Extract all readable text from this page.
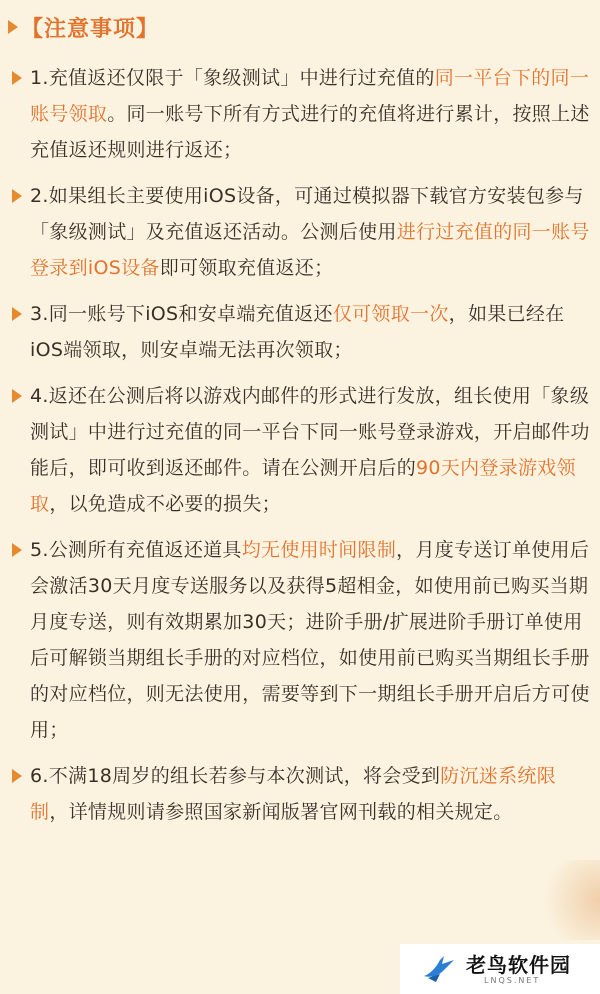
【注意事项】
1.充值返还仅限于「象级测试」中进行过充值的同一平台下的同一账号领取。同一账号下所有方式进行的充值将进行累计，按照上述充值返还规则进行返还；
2.如果组长主要使用iOS设备，可通过模拟器下载官方安装包参与「象级测试」及充值返还活动。公测后使用进行过充值的同一账号登录到iOS设备即可领取充值返还；
3.同一账号下iOS和安卓端充值返还仅可领取一次，如果已经在iOS端领取，则安卓端无法再次领取；
4.返还在公测后将以游戏内邮件的形式进行发放，组长使用「象级测试」中进行过充值的同一平台下同一账号登录游戏，开启邮件功能后，即可收到返还邮件。请在公测开启后的90天内登录游戏领取，以免造成不必要的损失；
5.公测所有充值返还道具均无使用时间限制，月度专送订单使用后会激活30天月度专送服务以及获得5超相金，如使用前已购买当期月度专送，则有效期累加30天；进阶手册/扩展进阶手册订单使用后可解锁当期组长手册的对应档位，如使用前已购买当期组长手册的对应档位，则无法使用，需要等到下一期组长手册开启后方可使用；
6.不满18周岁的组长若参与本次测试，将会受到防沉迷系统限制，详情规则请参照国家新闻版署官网刊载的相关规定。
老鸟软件园
LNQS.NET
